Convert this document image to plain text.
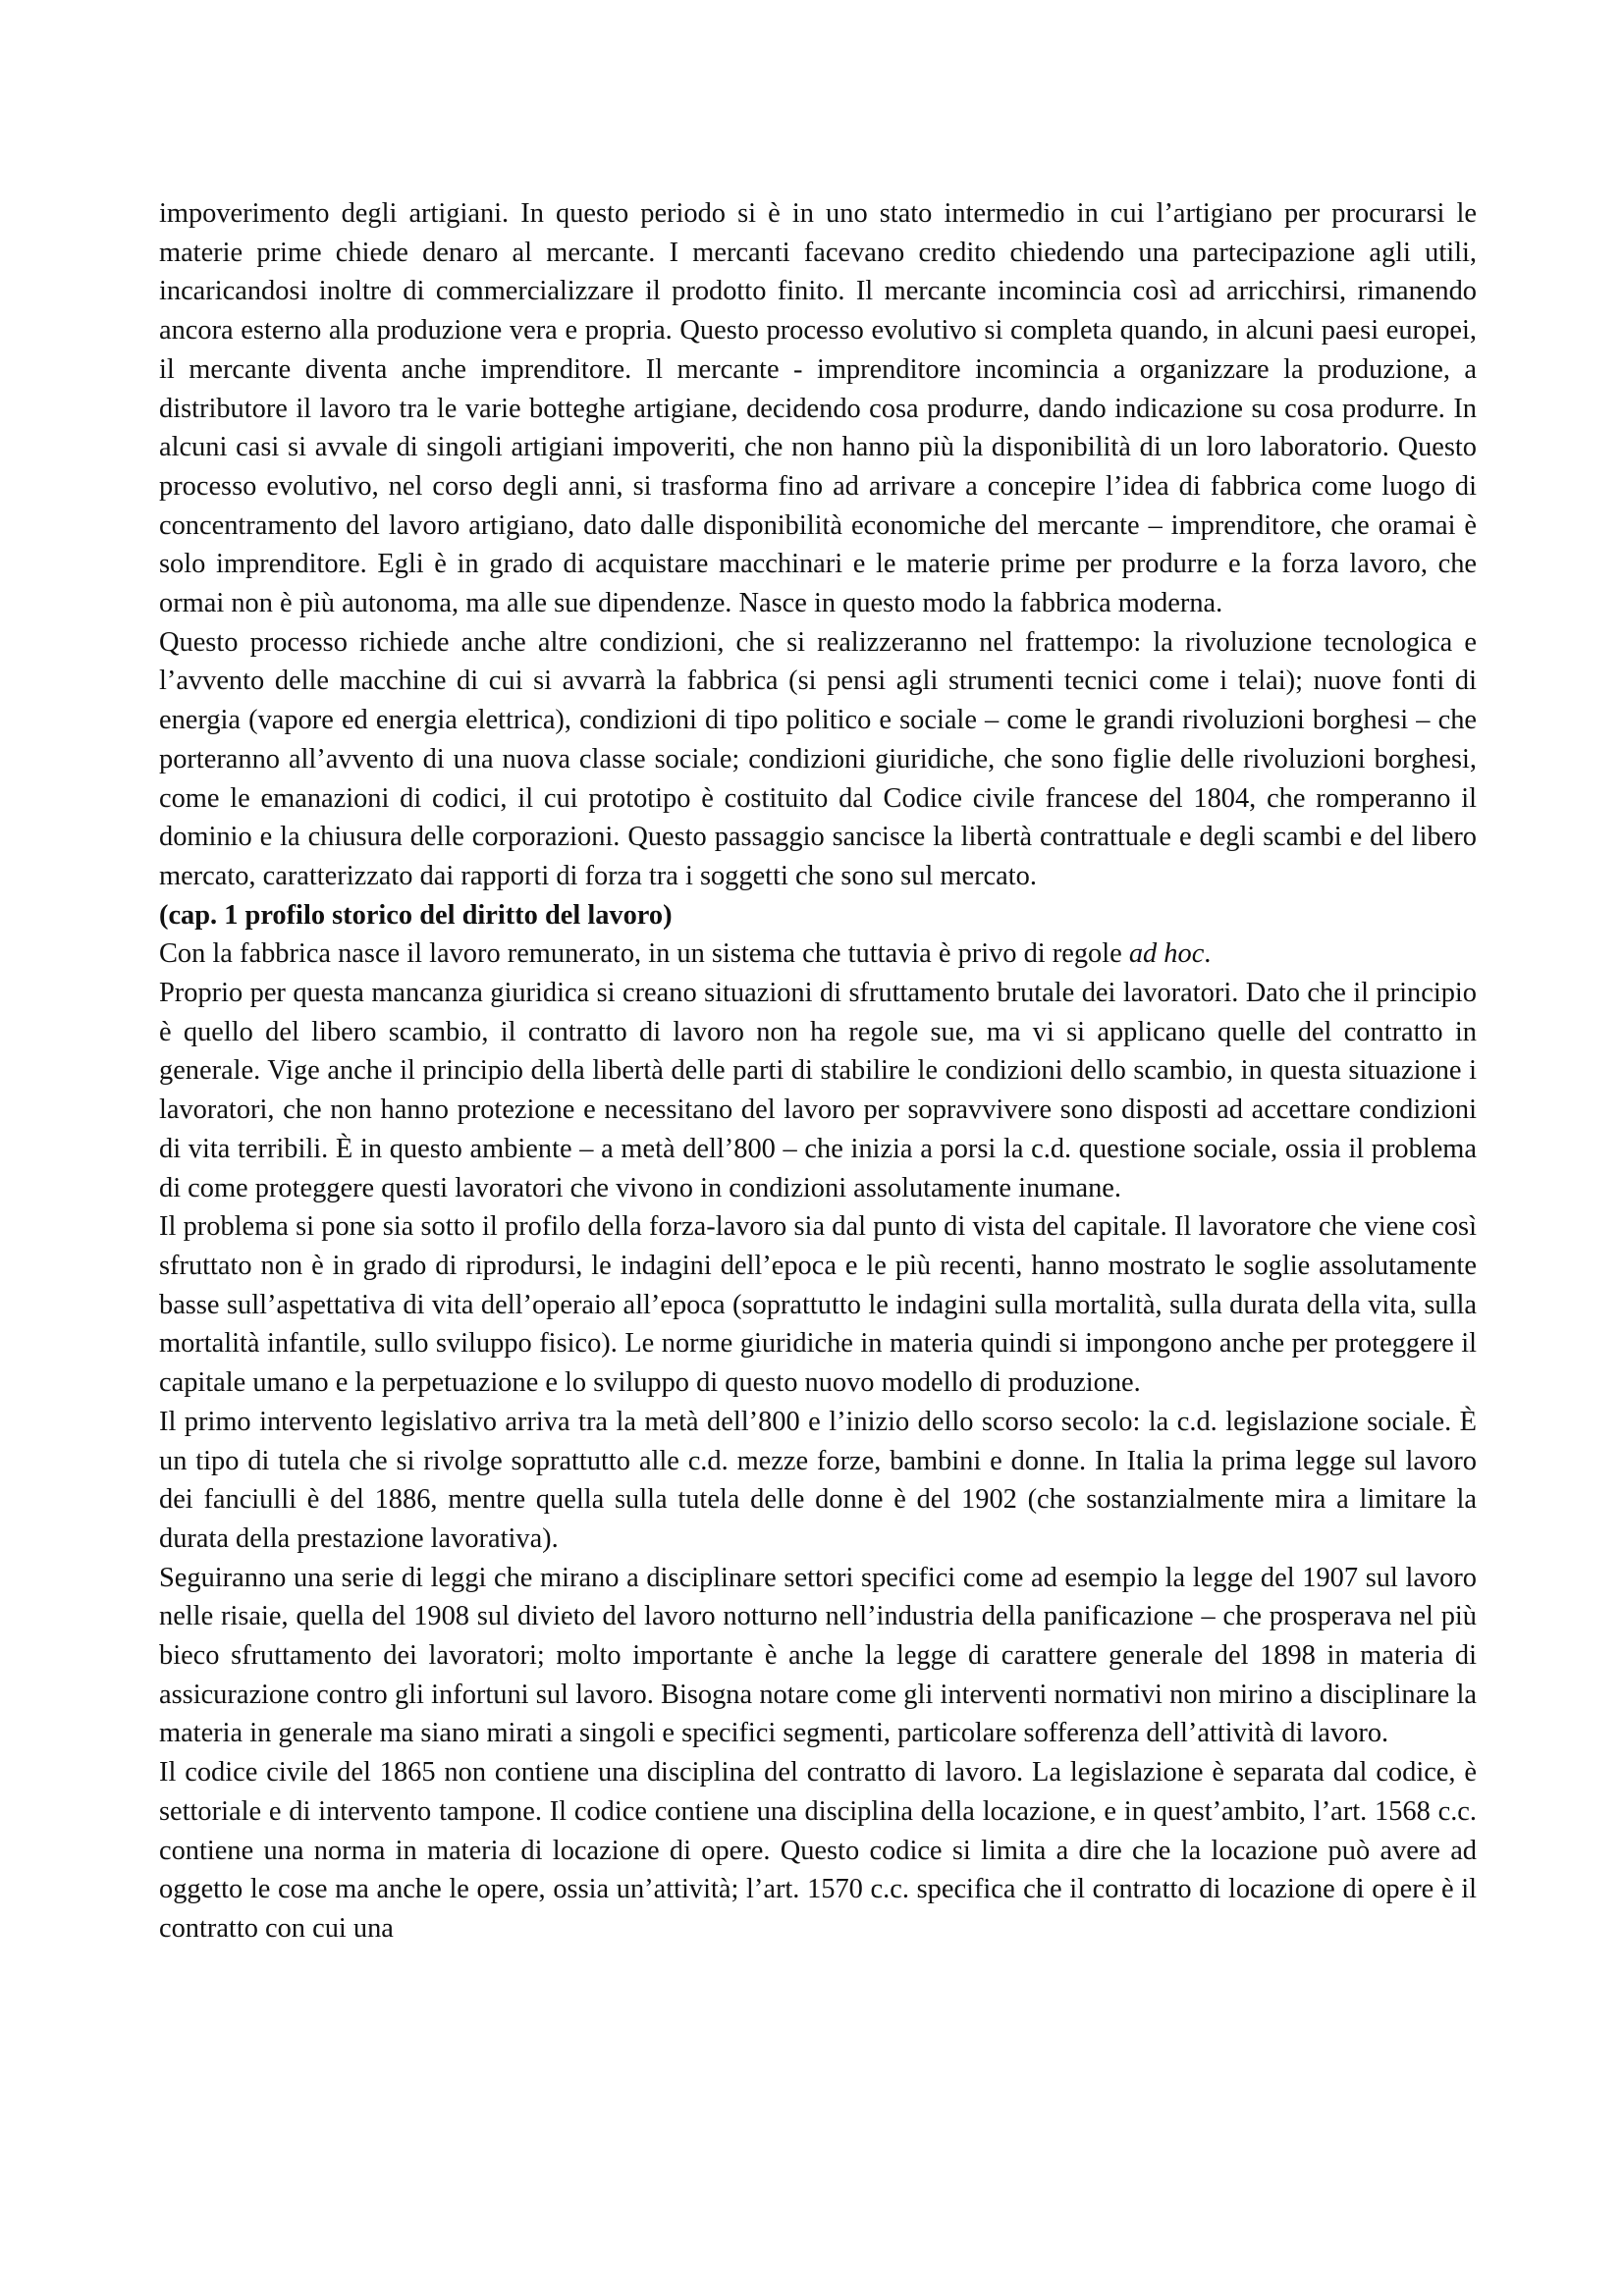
impoverimento degli artigiani. In questo periodo si è in uno stato intermedio in cui l’artigiano per procurarsi le materie prime chiede denaro al mercante. I mercanti facevano credito chiedendo una partecipazione agli utili, incaricandosi inoltre di commercializzare il prodotto finito. Il mercante incomincia così ad arricchirsi, rimanendo ancora esterno alla produzione vera e propria. Questo processo evolutivo si completa quando, in alcuni paesi europei, il mercante diventa anche imprenditore. Il mercante - imprenditore incomincia a organizzare la produzione, a distributore il lavoro tra le varie botteghe artigiane, decidendo cosa produrre, dando indicazione su cosa produrre. In alcuni casi si avvale di singoli artigiani impoveriti, che non hanno più la disponibilità di un loro laboratorio. Questo processo evolutivo, nel corso degli anni, si trasforma fino ad arrivare a concepire l’idea di fabbrica come luogo di concentramento del lavoro artigiano, dato dalle disponibilità economiche del mercante – imprenditore, che oramai è solo imprenditore. Egli è in grado di acquistare macchinari e le materie prime per produrre e la forza lavoro, che ormai non è più autonoma, ma alle sue dipendenze. Nasce in questo modo la fabbrica moderna.

Questo processo richiede anche altre condizioni, che si realizzeranno nel frattempo: la rivoluzione tecnologica e l’avvento delle macchine di cui si avvarrà la fabbrica (si pensi agli strumenti tecnici come i telai); nuove fonti di energia (vapore ed energia elettrica), condizioni di tipo politico e sociale – come le grandi rivoluzioni borghesi – che porteranno all’avvento di una nuova classe sociale; condizioni giuridiche, che sono figlie delle rivoluzioni borghesi, come le emanazioni di codici, il cui prototipo è costituito dal Codice civile francese del 1804, che romperanno il dominio e la chiusura delle corporazioni. Questo passaggio sancisce la libertà contrattuale e degli scambi e del libero mercato, caratterizzato dai rapporti di forza tra i soggetti che sono sul mercato.

(cap. 1 profilo storico del diritto del lavoro)

Con la fabbrica nasce il lavoro remunerato, in un sistema che tuttavia è privo di regole ad hoc.

Proprio per questa mancanza giuridica si creano situazioni di sfruttamento brutale dei lavoratori. Dato che il principio è quello del libero scambio, il contratto di lavoro non ha regole sue, ma vi si applicano quelle del contratto in generale. Vige anche il principio della libertà delle parti di stabilire le condizioni dello scambio, in questa situazione i lavoratori, che non hanno protezione e necessitano del lavoro per sopravvivere sono disposti ad accettare condizioni di vita terribili. È in questo ambiente – a metà dell’800 – che inizia a porsi la c.d. questione sociale, ossia il problema di come proteggere questi lavoratori che vivono in condizioni assolutamente inumane.

Il problema si pone sia sotto il profilo della forza-lavoro sia dal punto di vista del capitale. Il lavoratore che viene così sfruttato non è in grado di riprodursi, le indagini dell’epoca e le più recenti, hanno mostrato le soglie assolutamente basse sull’aspettativa di vita dell’operaio all’epoca (soprattutto le indagini sulla mortalità, sulla durata della vita, sulla mortalità infantile, sullo sviluppo fisico). Le norme giuridiche in materia quindi si impongono anche per proteggere il capitale umano e la perpetuazione e lo sviluppo di questo nuovo modello di produzione.

Il primo intervento legislativo arriva tra la metà dell’800 e l’inizio dello scorso secolo: la c.d. legislazione sociale. È un tipo di tutela che si rivolge soprattutto alle c.d. mezze forze, bambini e donne. In Italia la prima legge sul lavoro dei fanciulli è del 1886, mentre quella sulla tutela delle donne è del 1902 (che sostanzialmente mira a limitare la durata della prestazione lavorativa).

Seguiranno una serie di leggi che mirano a disciplinare settori specifici come ad esempio la legge del 1907 sul lavoro nelle risaie, quella del 1908 sul divieto del lavoro notturno nell’industria della panificazione – che prosperava nel più bieco sfruttamento dei lavoratori; molto importante è anche la legge di carattere generale del 1898 in materia di assicurazione contro gli infortuni sul lavoro. Bisogna notare come gli interventi normativi non mirino a disciplinare la materia in generale ma siano mirati a singoli e specifici segmenti, particolare sofferenza dell’attività di lavoro.

Il codice civile del 1865 non contiene una disciplina del contratto di lavoro. La legislazione è separata dal codice, è settoriale e di intervento tampone. Il codice contiene una disciplina della locazione, e in quest’ambito, l’art. 1568 c.c. contiene una norma in materia di locazione di opere. Questo codice si limita a dire che la locazione può avere ad oggetto le cose ma anche le opere, ossia un’attività; l’art. 1570 c.c. specifica che il contratto di locazione di opere è il contratto con cui una
